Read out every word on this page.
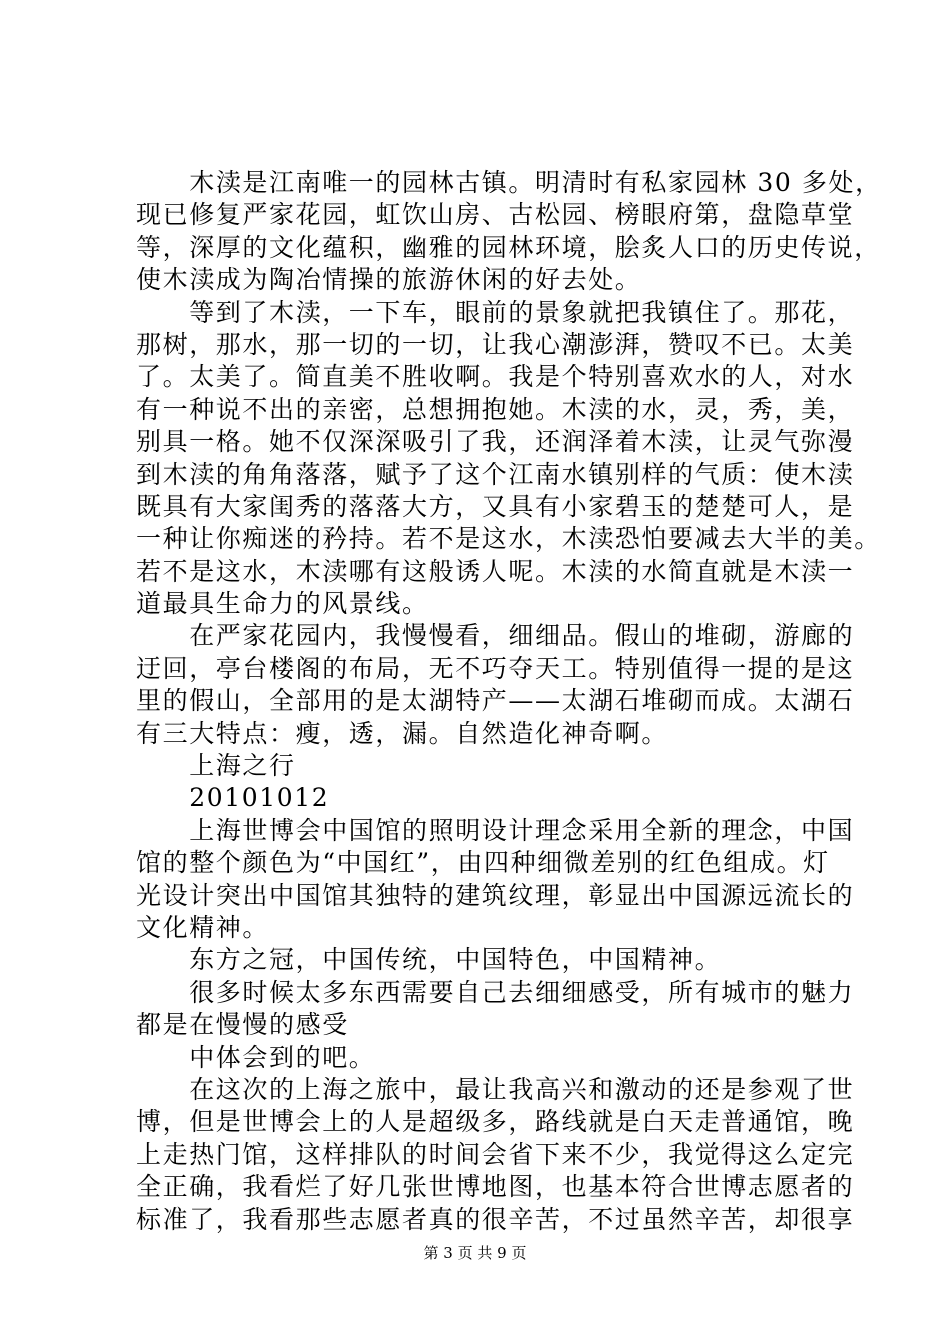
　　木渎是江南唯一的园林古镇。明清时有私家园林 30 多处，
现已修复严家花园，虹饮山房、古松园、榜眼府第，盘隐草堂
等，深厚的文化蕴积，幽雅的园林环境，脍炙人口的历史传说，
使木渎成为陶冶情操的旅游休闲的好去处。
　　等到了木渎，一下车，眼前的景象就把我镇住了。那花，
那树，那水，那一切的一切，让我心潮澎湃，赞叹不已。太美
了。太美了。简直美不胜收啊。我是个特别喜欢水的人，对水
有一种说不出的亲密，总想拥抱她。木渎的水，灵，秀，美，
别具一格。她不仅深深吸引了我，还润泽着木渎，让灵气弥漫
到木渎的角角落落，赋予了这个江南水镇别样的气质：使木渎
既具有大家闺秀的落落大方，又具有小家碧玉的楚楚可人，是
一种让你痴迷的矜持。若不是这水，木渎恐怕要减去大半的美。
若不是这水，木渎哪有这般诱人呢。木渎的水简直就是木渎一
道最具生命力的风景线。
　　在严家花园内，我慢慢看，细细品。假山的堆砌，游廊的
迂回，亭台楼阁的布局，无不巧夺天工。特别值得一提的是这
里的假山，全部用的是太湖特产——太湖石堆砌而成。太湖石
有三大特点：瘦，透，漏。自然造化神奇啊。
　　上海之行
　　20101012
　　上海世博会中国馆的照明设计理念采用全新的理念，中国
馆的整个颜色为“中国红”，由四种细微差别的红色组成。灯
光设计突出中国馆其独特的建筑纹理，彰显出中国源远流长的
文化精神。
　　东方之冠，中国传统，中国特色，中国精神。
　　很多时候太多东西需要自己去细细感受，所有城市的魅力
都是在慢慢的感受
　　中体会到的吧。
　　在这次的上海之旅中，最让我高兴和激动的还是参观了世
博，但是世博会上的人是超级多，路线就是白天走普通馆，晚
上走热门馆，这样排队的时间会省下来不少，我觉得这么定完
全正确，我看烂了好几张世博地图，也基本符合世博志愿者的
标准了，我看那些志愿者真的很辛苦，不过虽然辛苦，却很享
第 3 页 共 9 页
